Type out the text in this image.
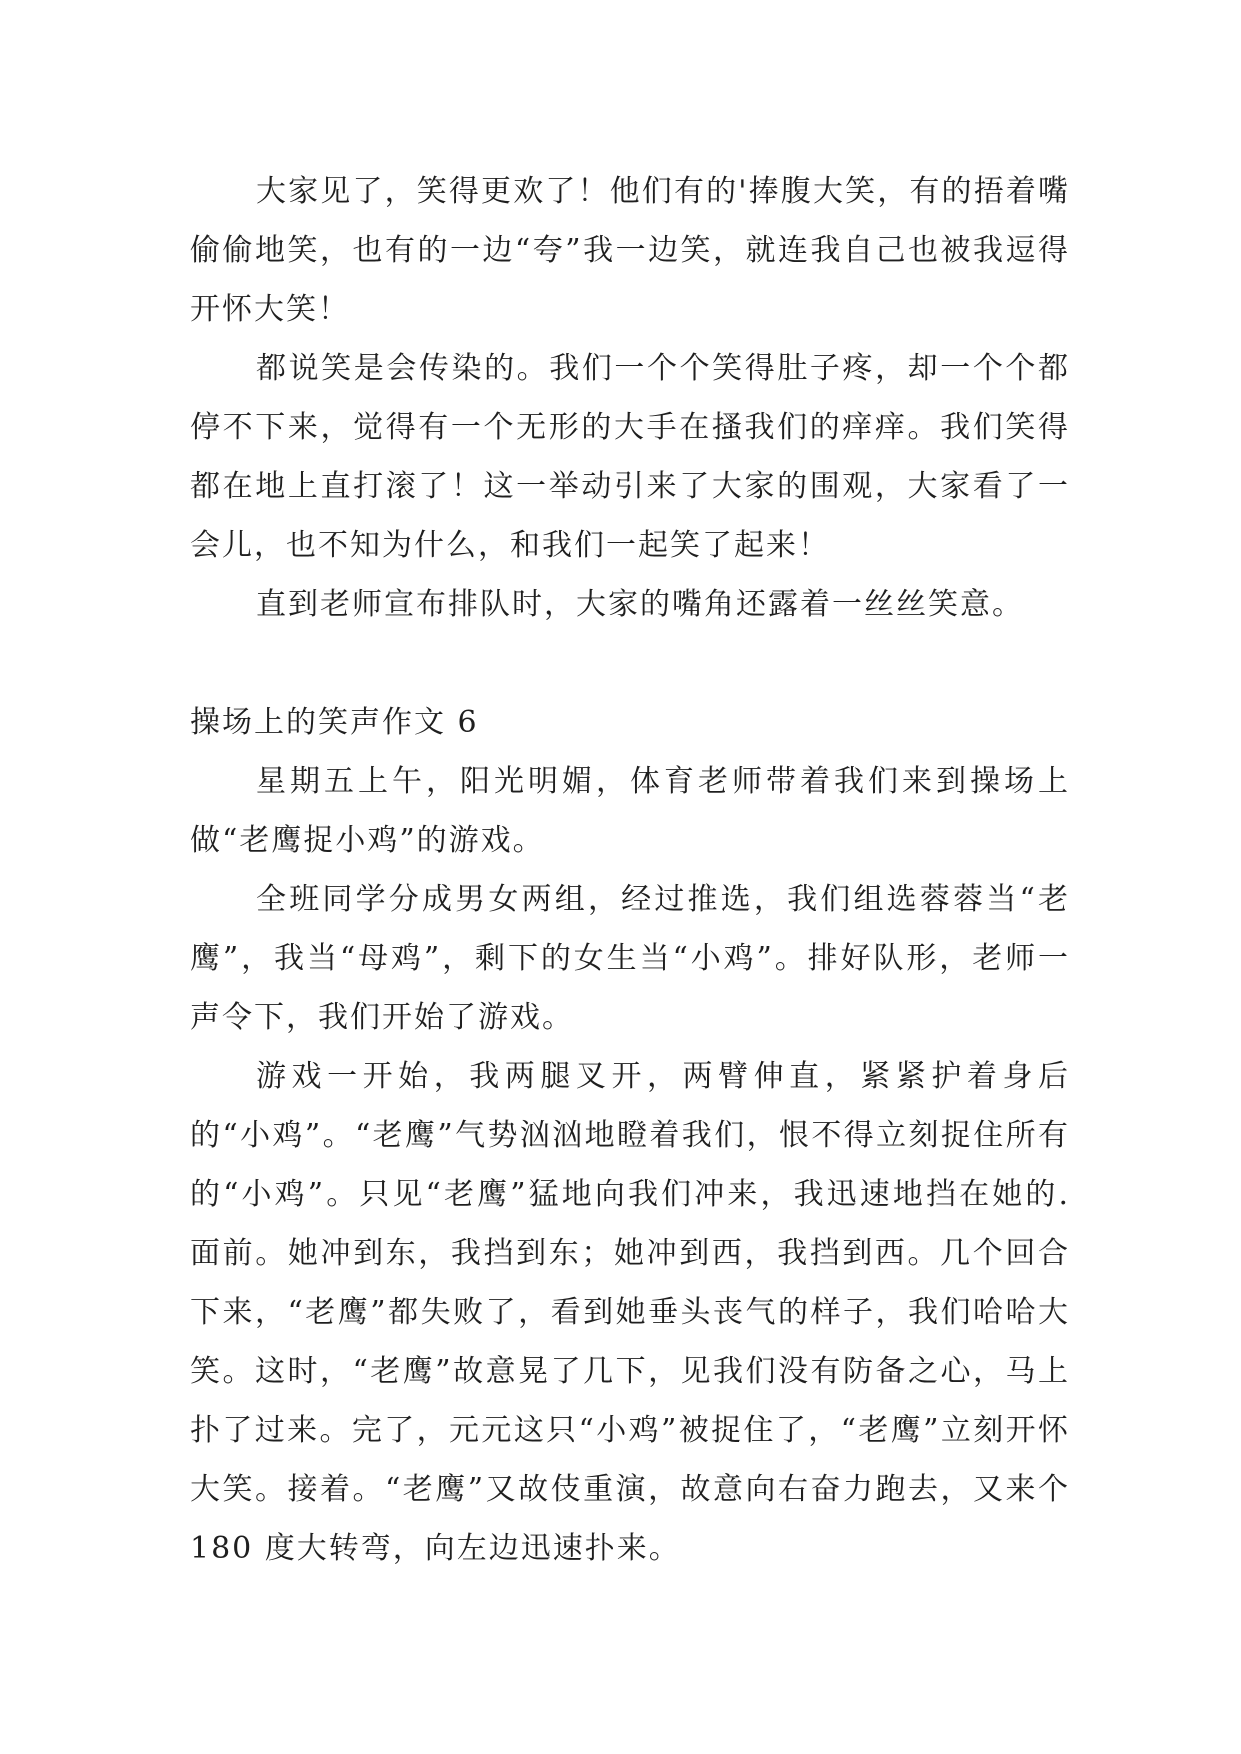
大家见了，笑得更欢了！他们有的'捧腹大笑，有的捂着嘴偷偷地笑，也有的一边“夸”我一边笑，就连我自己也被我逗得开怀大笑！

都说笑是会传染的。我们一个个笑得肚子疼，却一个个都停不下来，觉得有一个无形的大手在搔我们的痒痒。我们笑得都在地上直打滚了！这一举动引来了大家的围观，大家看了一会儿，也不知为什么，和我们一起笑了起来！

直到老师宣布排队时，大家的嘴角还露着一丝丝笑意。

操场上的笑声作文 6

星期五上午，阳光明媚，体育老师带着我们来到操场上做“老鹰捉小鸡”的游戏。

全班同学分成男女两组，经过推选，我们组选蓉蓉当“老鹰”，我当“母鸡”，剩下的女生当“小鸡”。排好队形，老师一声令下，我们开始了游戏。

游戏一开始，我两腿叉开，两臂伸直，紧紧护着身后的“小鸡”。“老鹰”气势汹汹地瞪着我们，恨不得立刻捉住所有的“小鸡”。只见“老鹰”猛地向我们冲来，我迅速地挡在她的.面前。她冲到东，我挡到东；她冲到西，我挡到西。几个回合下来，“老鹰”都失败了，看到她垂头丧气的样子，我们哈哈大笑。这时，“老鹰”故意晃了几下，见我们没有防备之心，马上扑了过来。完了，元元这只“小鸡”被捉住了，“老鹰”立刻开怀大笑。接着。“老鹰”又故伎重演，故意向右奋力跑去，又来个 180 度大转弯，向左边迅速扑来。
